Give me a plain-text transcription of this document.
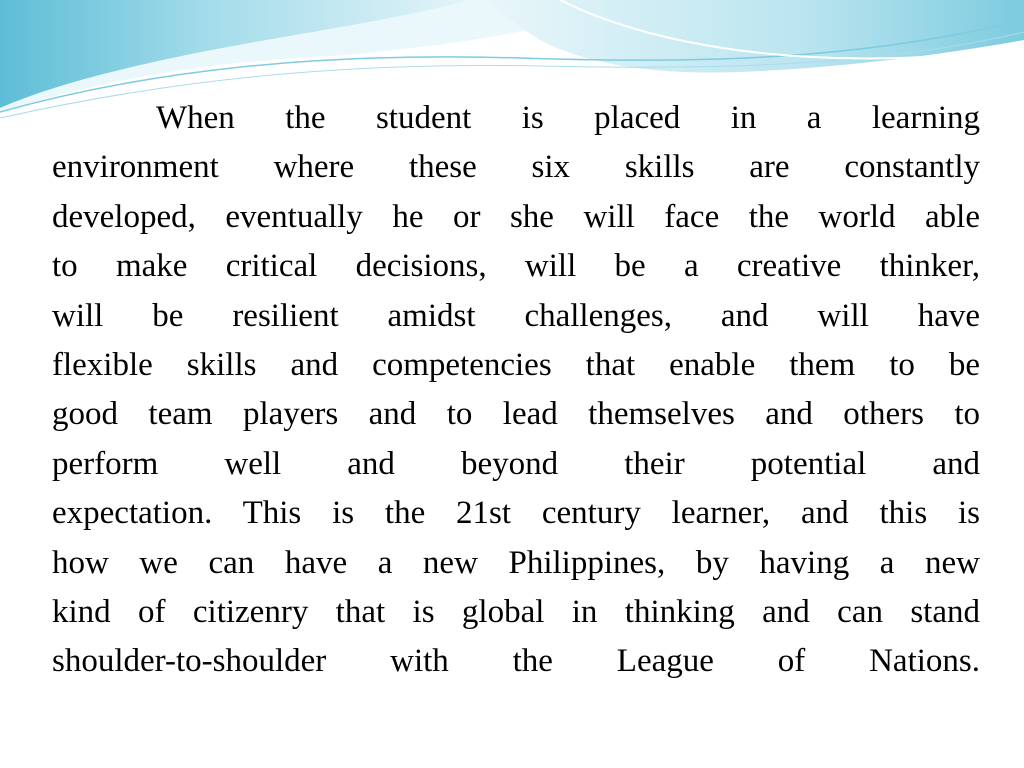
When the student is placed in a learning
environment where these six skills are constantly
developed, eventually he or she will face the world able
to make critical decisions, will be a creative thinker,
will be resilient amidst challenges, and will have
flexible skills and competencies that enable them to be
good team players and to lead themselves and others to
perform well and beyond their potential and
expectation. This is the 21st century learner, and this is
how we can have a new Philippines, by having a new
kind of citizenry that is global in thinking and can stand
shoulder-to-shoulder with the League of Nations.
